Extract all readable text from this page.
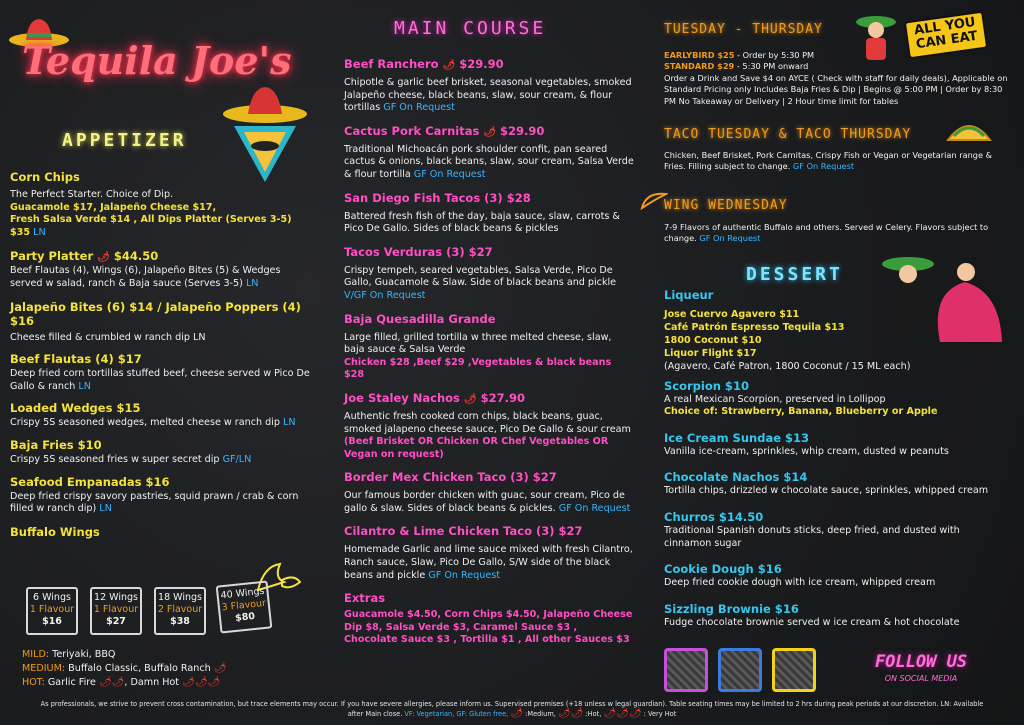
Tequila Joe's
APPETIZER

Corn Chips

The Perfect Starter. Choice of Dip.

Guacamole $17, Jalapeño Cheese $17,

Fresh Salsa Verde $14 , All Dips Platter (Serves 3-5)

$35 LN

Party Platter 🌶 $44.50

Beef Flautas (4), Wings (6), Jalapeño Bites (5) & Wedges served w salad, ranch & Baja sauce (Serves 3-5) LN

Jalapeño Bites (6) $14 / Jalapeño Poppers (4)

$16

Cheese filled & crumbled w ranch dip LN

Beef Flautas (4) $17

Deep fried corn tortillas stuffed beef, cheese served w Pico De Gallo & ranch LN

Loaded Wedges $15

Crispy 5S seasoned wedges, melted cheese w ranch dip LN

Baja Fries $10

Crispy 5S seasoned fries w super secret dip GF/LN

Seafood Empanadas $16

Deep fried crispy savory pastries, squid prawn / crab & corn filled w ranch dip) LN

Buffalo Wings

6 Wings
1 Flavour
$16
12 Wings
1 Flavour
$27
18 Wings
2 Flavour
$38
40 Wings
3 Flavour
$80
MILD: Teriyaki, BBQ
MEDIUM: Buffalo Classic, Buffalo Ranch 🌶
HOT: Garlic Fire 🌶🌶, Damn Hot 🌶🌶🌶
MAIN COURSE

Beef Ranchero 🌶 $29.90

Chipotle & garlic beef brisket, seasonal vegetables, smoked Jalapeño cheese, black beans, slaw, sour cream, & flour tortillas GF On Request

Cactus Pork Carnitas 🌶 $29.90

Traditional Michoacán pork shoulder confit, pan seared cactus & onions, black beans, slaw, sour cream, Salsa Verde & flour tortilla GF On Request

San Diego Fish Tacos (3) $28

Battered fresh fish of the day, baja sauce, slaw, carrots & Pico De Gallo. Sides of black beans & pickles

Tacos Verduras (3) $27

Crispy tempeh, seared vegetables, Salsa Verde, Pico De Gallo, Guacamole & Slaw. Side of black beans and pickle V/GF On Request

Baja Quesadilla Grande

Large filled, grilled tortilla w three melted cheese, slaw, baja sauce & Salsa Verde

Chicken $28 ,Beef $29 ,Vegetables & black beans $28

Joe Staley Nachos 🌶 $27.90

Authentic fresh cooked corn chips, black beans, guac, smoked jalapeno cheese sauce, Pico De Gallo & sour cream (Beef Brisket OR Chicken OR Chef Vegetables OR Vegan on request)

Border Mex Chicken Taco (3) $27

Our famous border chicken with guac, sour cream, Pico de gallo & slaw. Sides of black beans & pickles. GF On Request

Cilantro & Lime Chicken Taco (3) $27

Homemade Garlic and lime sauce mixed with fresh Cilantro, Ranch sauce, Slaw, Pico De Gallo, S/W side of the black beans and pickle GF On Request

Extras

Guacamole $4.50, Corn Chips $4.50, Jalapeño Cheese Dip $8, Salsa Verde $3, Caramel Sauce $3 , Chocolate Sauce $3 , Tortilla $1 , All other Sauces $3

TUESDAY - THURSDAY	ALL YOU CAN EAT
EARLYBIRD $25 - Order by 5:30 PM
STANDARD $29 - 5:30 PM onward
Order a Drink and Save $4 on AYCE ( Check with staff for daily deals), Applicable on Standard Pricing only Includes Baja Fries & Dip | Begins @ 5:00 PM | Order by 8:30 PM No Takeaway or Delivery | 2 Hour time limit for tables
TACO TUESDAY & TACO THURSDAY
Chicken, Beef Brisket, Pork Carnitas, Crispy Fish or Vegan or Vegetarian range & Fries. Filling subject to change. GF On Request
WING WEDNESDAY
7-9 Flavors of authentic Buffalo and others. Served w Celery. Flavors subject to change. GF On Request
DESSERT

Liqueur

Jose Cuervo Agavero $11
Café Patrón Espresso Tequila $13
1800 Coconut $10
Liquor Flight $17

(Agavero, Café Patron, 1800 Coconut / 15 ML each)

Scorpion $10

A real Mexican Scorpion, preserved in Lollipop

Choice of: Strawberry, Banana, Blueberry or Apple

Ice Cream Sundae $13

Vanilla ice-cream, sprinkles, whip cream, dusted w peanuts

Chocolate Nachos $14

Tortilla chips, drizzled w chocolate sauce, sprinkles, whipped cream

Churros $14.50

Traditional Spanish donuts sticks, deep fried, and dusted with cinnamon sugar

Cookie Dough $16

Deep fried cookie dough with ice cream, whipped cream

Sizzling Brownie $16

Fudge chocolate brownie served w ice cream & hot chocolate

FOLLOW US
ON SOCIAL MEDIA
As professionals, we strive to prevent cross contamination, but trace elements may occur. If you have severe allergies, please inform us. Supervised premises (+18 unless w legal guardian). Table seating times may be limited to 2 hrs during peak periods at our discretion. LN: Available
after Main close. VF: Vegetarian, GF: Gluten free, 🌶 :Medium, 🌶🌶 :Hot, 🌶🌶🌶 : Very Hot
